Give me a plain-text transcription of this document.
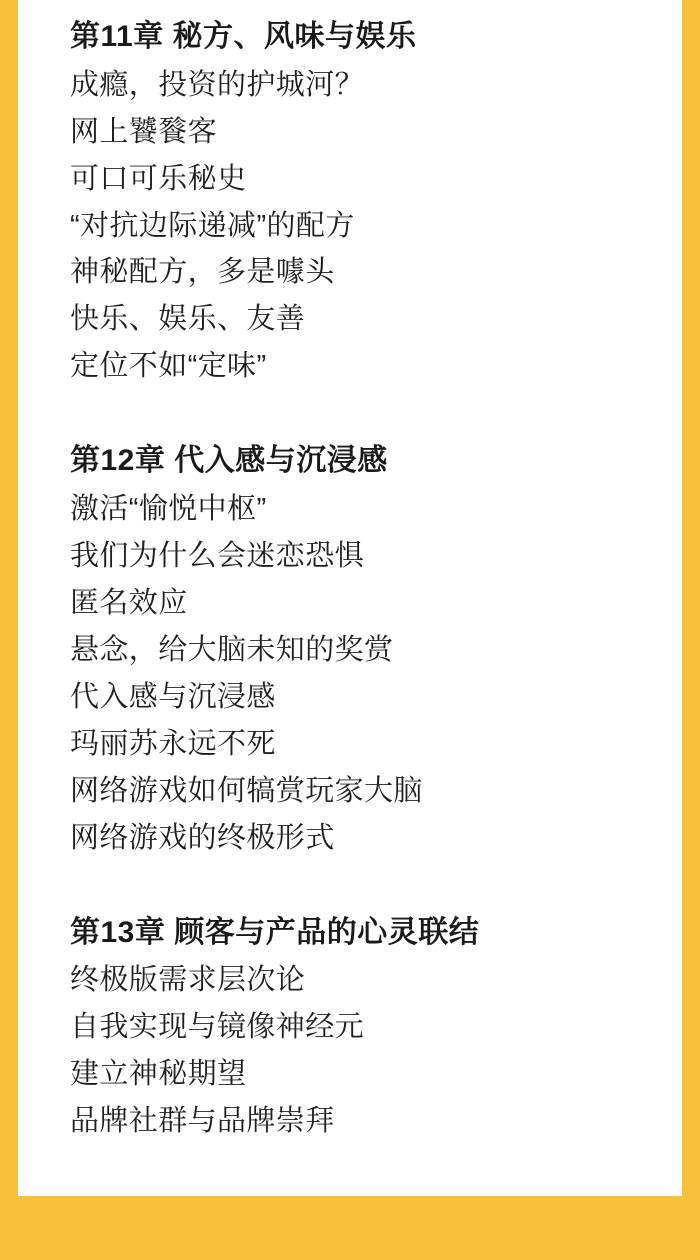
第11章 秘方、风味与娱乐
成瘾，投资的护城河？
网上饕餮客
可口可乐秘史
“对抗边际递减”的配方
神秘配方，多是噱头
快乐、娱乐、友善
定位不如“定味”
第12章 代入感与沉浸感
激活“愉悦中枢”
我们为什么会迷恋恐惧
匿名效应
悬念，给大脑未知的奖赏
代入感与沉浸感
玛丽苏永远不死
网络游戏如何犒赏玩家大脑
网络游戏的终极形式
第13章 顾客与产品的心灵联结
终极版需求层次论
自我实现与镜像神经元
建立神秘期望
品牌社群与品牌崇拜
